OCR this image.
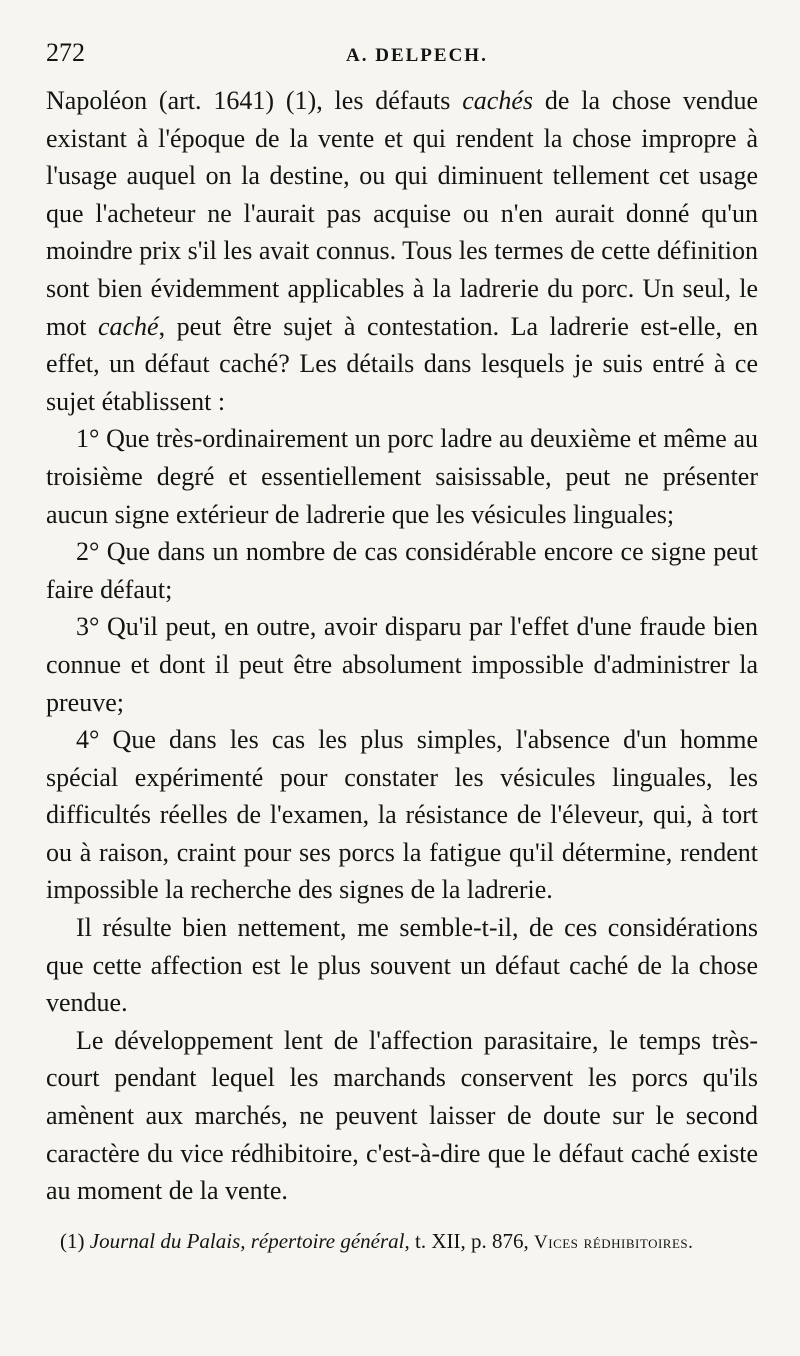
272	A. DELPECH.

Napoléon (art. 1641) (1), les défauts cachés de la chose vendue existant à l'époque de la vente et qui rendent la chose impropre à l'usage auquel on la destine, ou qui diminuent tellement cet usage que l'acheteur ne l'aurait pas acquise ou n'en aurait donné qu'un moindre prix s'il les avait connus. Tous les termes de cette définition sont bien évidemment applicables à la ladrerie du porc. Un seul, le mot caché, peut être sujet à contestation. La ladrerie est-elle, en effet, un défaut caché? Les détails dans lesquels je suis entré à ce sujet établissent :

1° Que très-ordinairement un porc ladre au deuxième et même au troisième degré et essentiellement saisissable, peut ne présenter aucun signe extérieur de ladrerie que les vésicules linguales;

2° Que dans un nombre de cas considérable encore ce signe peut faire défaut;

3° Qu'il peut, en outre, avoir disparu par l'effet d'une fraude bien connue et dont il peut être absolument impossible d'administrer la preuve;

4° Que dans les cas les plus simples, l'absence d'un homme spécial expérimenté pour constater les vésicules linguales, les difficultés réelles de l'examen, la résistance de l'éleveur, qui, à tort ou à raison, craint pour ses porcs la fatigue qu'il détermine, rendent impossible la recherche des signes de la ladrerie.

Il résulte bien nettement, me semble-t-il, de ces considérations que cette affection est le plus souvent un défaut caché de la chose vendue.

Le développement lent de l'affection parasitaire, le temps très-court pendant lequel les marchands conservent les porcs qu'ils amènent aux marchés, ne peuvent laisser de doute sur le second caractère du vice rédhibitoire, c'est-à-dire que le défaut caché existe au moment de la vente.

(1) Journal du Palais, répertoire général, t. XII, p. 876, Vices rédhibitoires.
